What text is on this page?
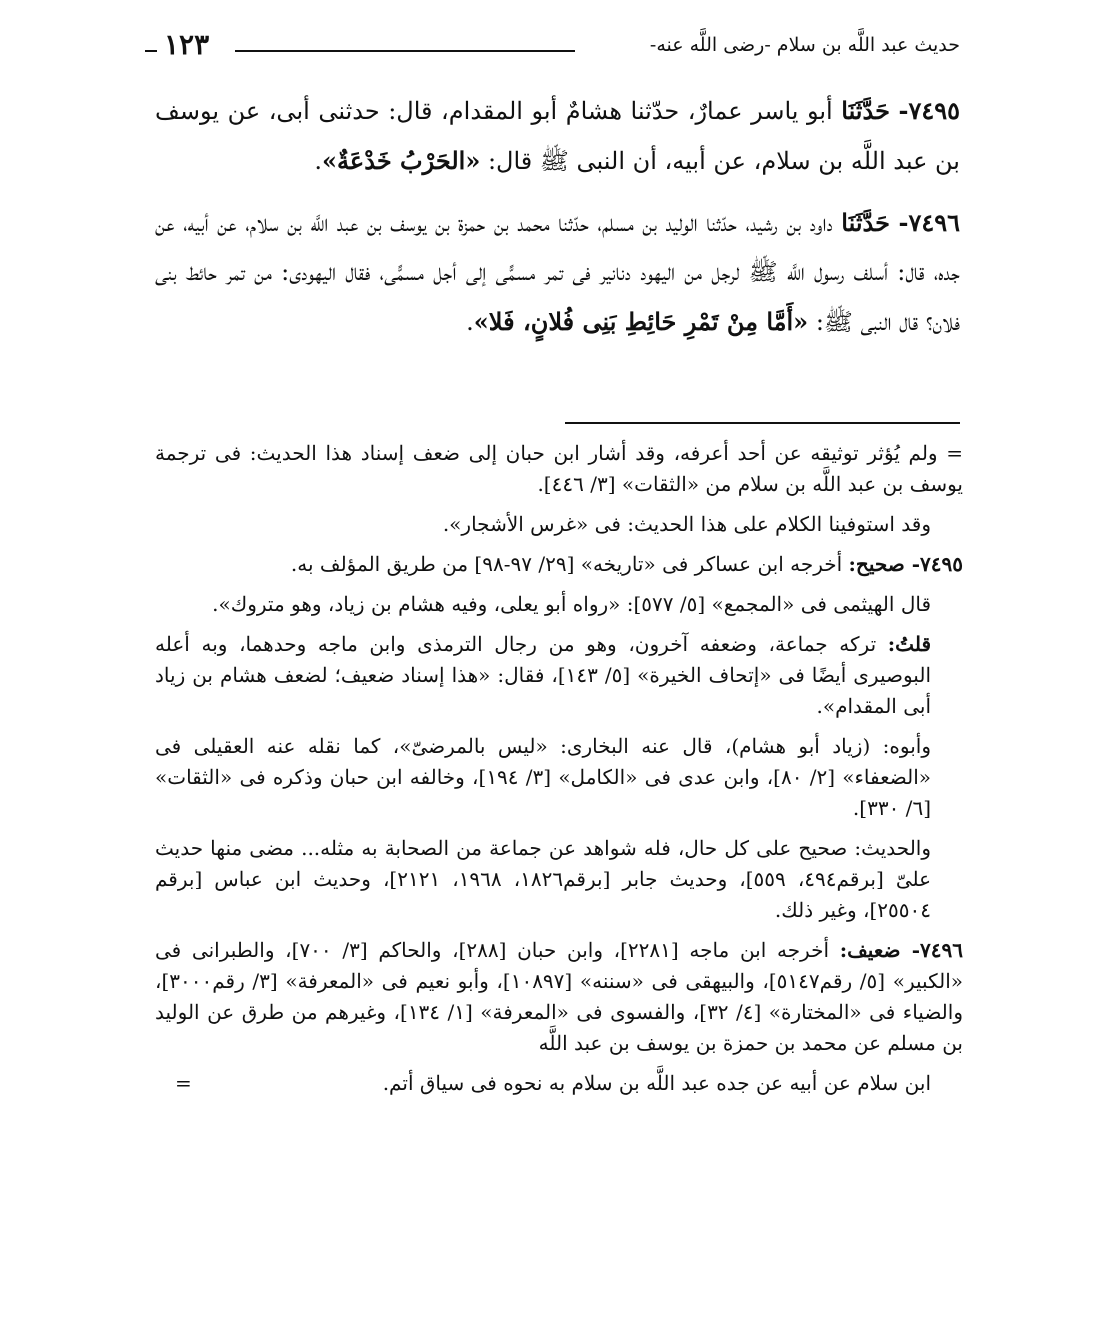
حديث عبد اللَّه بن سلام -رضى اللَّه عنه-
١٢٣

٧٤٩٥- حَدَّثَنَا أبو ياسر عمارٌ، حدّثنا هشامٌ أبو المقدام، قال: حدثنى أبى، عن يوسف بن عبد اللَّه بن سلام، عن أبيه، أن النبى ﷺ قال: «الحَرْبُ خَدْعَةٌ».

٧٤٩٦- حَدَّثَنَا داود بن رشيد، حدّثنا الوليد بن مسلم، حدّثنا محمد بن حمزة بن يوسف بن عبد اللَّه بن سلام، عن أبيه، عن جده، قال: أسلف رسول اللَّه ﷺ لرجل من اليهود دنانير فى تمر مسمًّى إلى أجل مسمًّى، فقال اليهودى: من تمر حائط بنى فلان؟ قال النبى ﷺ: «أَمَّا مِنْ تَمْرِ حَائِطِ بَنِى فُلانٍ، فَلا».

= ولم يُؤثر توثيقه عن أحد أعرفه، وقد أشار ابن حبان إلى ضعف إسناد هذا الحديث: فى ترجمة يوسف بن عبد اللَّه بن سلام من «الثقات» [٣/ ٤٤٦].

وقد استوفينا الكلام على هذا الحديث: فى «غرس الأشجار».

٧٤٩٥- صحيح: أخرجه ابن عساكر فى «تاريخه» [٢٩/ ٩٧-٩٨] من طريق المؤلف به.

قال الهيثمى فى «المجمع» [٥/ ٥٧٧]: «رواه أبو يعلى، وفيه هشام بن زياد، وهو متروك».

قلتُ: تركه جماعة، وضعفه آخرون، وهو من رجال الترمذى وابن ماجه وحدهما، وبه أعله البوصيرى أيضًا فى «إتحاف الخيرة» [٥/ ١٤٣]، فقال: «هذا إسناد ضعيف؛ لضعف هشام بن زياد أبى المقدام».

وأبوه: (زياد أبو هشام)، قال عنه البخارى: «ليس بالمرضىّ»، كما نقله عنه العقيلى فى «الضعفاء» [٢/ ٨٠]، وابن عدى فى «الكامل» [٣/ ١٩٤]، وخالفه ابن حبان وذكره فى «الثقات» [٦/ ٣٣٠].

والحديث: صحيح على كل حال، فله شواهد عن جماعة من الصحابة به مثله... مضى منها حديث علىّ [برقم٤٩٤، ٥٥٩]، وحديث جابر [برقم١٨٢٦، ١٩٦٨، ٢١٢١]، وحديث ابن عباس [برقم ٢٥٥٠٤]، وغير ذلك.

٧٤٩٦- ضعيف: أخرجه ابن ماجه [٢٢٨١]، وابن حبان [٢٨٨]، والحاكم [٣/ ٧٠٠]، والطبرانى فى «الكبير» [٥/ رقم٥١٤٧]، والبيهقى فى «سننه» [١٠٨٩٧]، وأبو نعيم فى «المعرفة» [٣/ رقم٣٠٠٠]، والضياء فى «المختارة» [٤/ ٣٢]، والفسوى فى «المعرفة» [١/ ١٣٤]، وغيرهم من طرق عن الوليد بن مسلم عن محمد بن حمزة بن يوسف بن عبد اللَّه

ابن سلام عن أبيه عن جده عبد اللَّه بن سلام به نحوه فى سياق أتم.
=
